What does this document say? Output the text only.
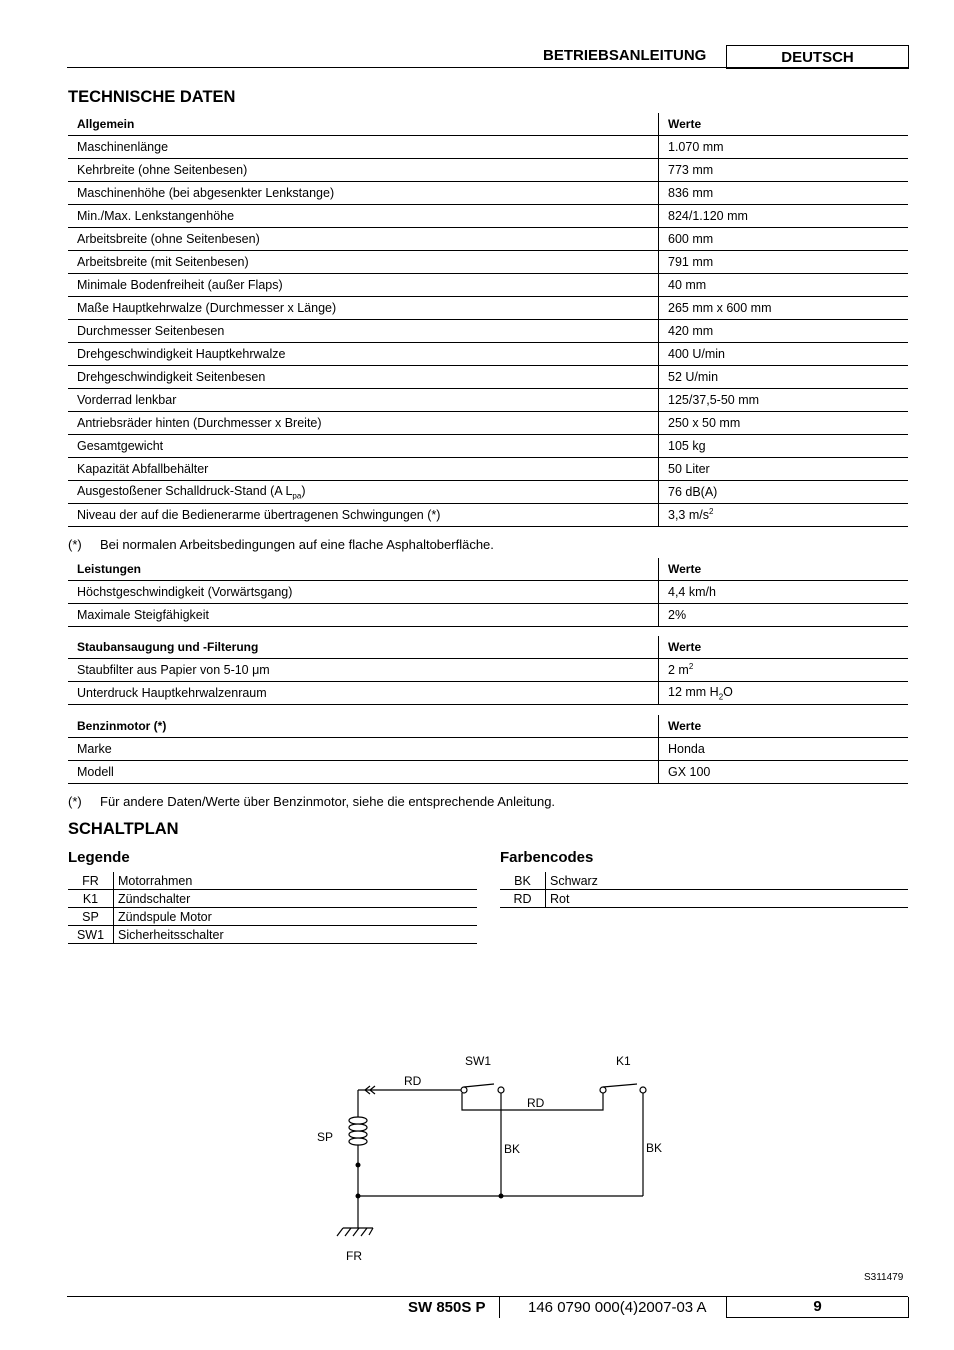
BETRIEBSANLEITUNG	DEUTSCH
TECHNISCHE DATEN
Allgemein	Werte
Maschinenlänge	1.070 mm
Kehrbreite (ohne Seitenbesen)	773 mm
Maschinenhöhe (bei abgesenkter Lenkstange)	836 mm
Min./Max. Lenkstangenhöhe	824/1.120 mm
Arbeitsbreite (ohne Seitenbesen)	600 mm
Arbeitsbreite (mit Seitenbesen)	791 mm
Minimale Bodenfreiheit (außer Flaps)	40 mm
Maße Hauptkehrwalze (Durchmesser x Länge)	265 mm x 600 mm
Durchmesser Seitenbesen	420 mm
Drehgeschwindigkeit Hauptkehrwalze	400 U/min
Drehgeschwindigkeit Seitenbesen	52 U/min
Vorderrad lenkbar	125/37,5-50 mm
Antriebsräder hinten (Durchmesser x Breite)	250 x 50 mm
Gesamtgewicht	105 kg
Kapazität Abfallbehälter	50 Liter
Ausgestoßener Schalldruck-Stand (A $L_{pa}$)	76 dB(A)
Niveau der auf die Bedienerarme übertragenen Schwingungen (*)	3,3 $m/s^2$
(*) Bei normalen Arbeitsbedingungen auf eine flache Asphaltoberfläche.
Leistungen	Werte
Höchstgeschwindigkeit (Vorwärtsgang)	4,4 km/h
Maximale Steigfähigkeit	2%
Staubansaugung und -Filterung	Werte
Staubfilter aus Papier von 5-10 μm	2 $m^2$
Unterdruck Hauptkehrwalzenraum	12 mm $H_2O$
Benzinmotor (*)	Werte
Marke	Honda
Modell	GX 100
(*) Für andere Daten/Werte über Benzinmotor, siehe die entsprechende Anleitung.
SCHALTPLAN
Legende
FR	Motorrahmen
K1	Zündschalter
SP	Zündspule Motor
SW1	Sicherheitsschalter
Farbencodes
BK	Schwarz
RD	Rot
SW1	K1
RD
RD
SP
BK	BK
FR
S311479
SW 850S P	146 0790 000(4)2007-03 A	9
